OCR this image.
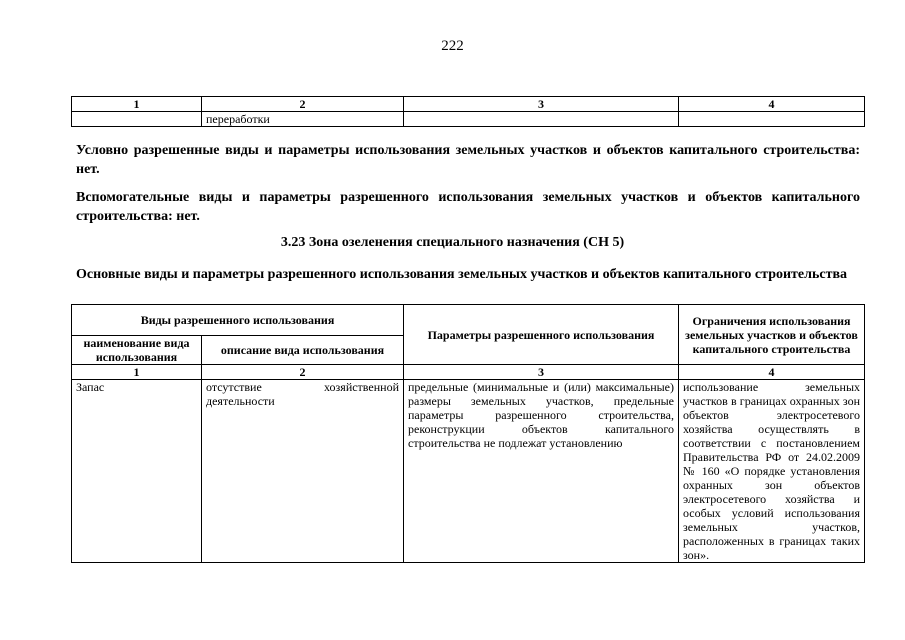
222
1	2	3	4
	переработки		
Условно разрешенные виды и параметры использования земельных участков и объектов капитального строительства: нет.
Вспомогательные виды и параметры разрешенного использования земельных участков и объектов капитального строительства: нет.
3.23 Зона озеленения специального назначения (СН 5)
Основные виды и параметры разрешенного использования земельных участков и объектов капитального строительства
Виды разрешенного использования		Параметры разрешенного использования	Ограничения использования земельных участков и объектов капитального строительства
наименование вида использования	описание вида использования		
1	2	3	4
Запас	отсутствие хозяйственной деятельности	предельные (минимальные и (или) максимальные) размеры земельных участков, предельные параметры разрешенного строительства, реконструкции объектов капитального строительства не подлежат установлению	использование земельных участков в границах охранных зон объектов электросетевого хозяйства осуществлять в соответствии с постановлением Правительства РФ от 24.02.2009 № 160 «О порядке установления охранных зон объектов электросетевого хозяйства и особых условий использования земельных участков, расположенных в границах таких зон».
